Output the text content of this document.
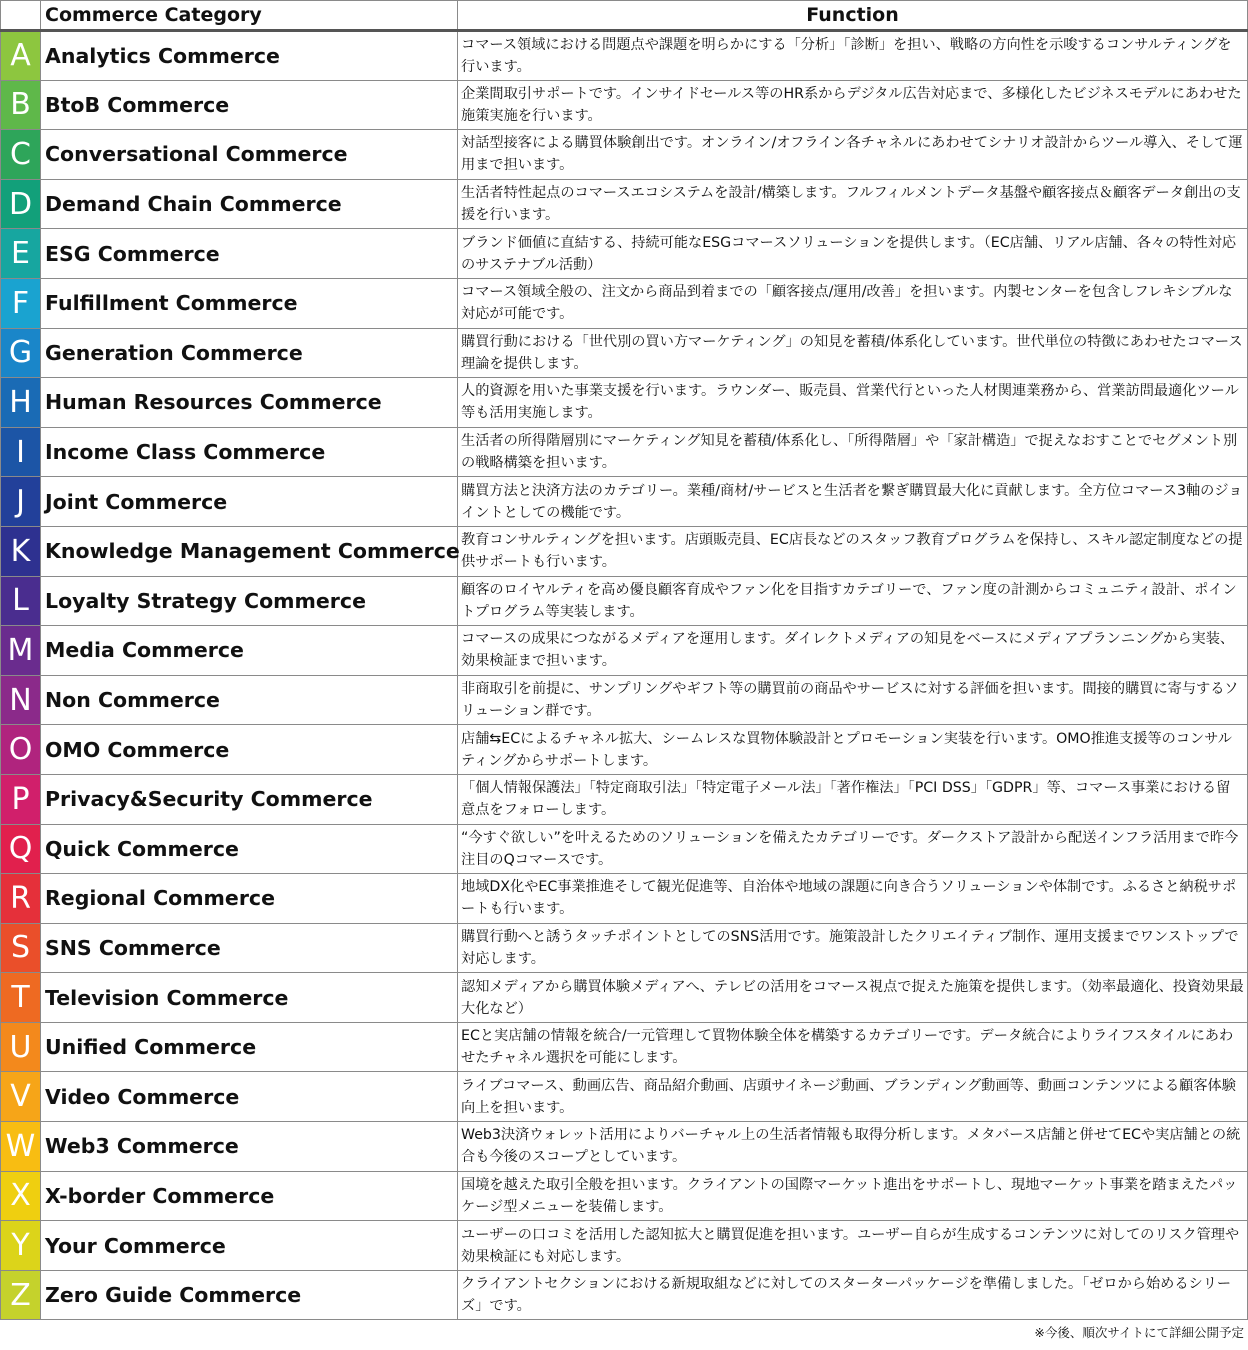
	Commerce Category	Function
A	Analytics Commerce	コマース領域における問題点や課題を明らかにする「分析」「診断」を担い、戦略の方向性を示唆するコンサルティングを行います。
B	BtoB Commerce	企業間取引サポートです。インサイドセールス等のHR系からデジタル広告対応まで、多様化したビジネスモデルにあわせた施策実施を行います。
C	Conversational Commerce	対話型接客による購買体験創出です。オンライン/オフライン各チャネルにあわせてシナリオ設計からツール導入、そして運用まで担います。
D	Demand Chain Commerce	生活者特性起点のコマースエコシステムを設計/構築します。フルフィルメントデータ基盤や顧客接点＆顧客データ創出の支援を行います。
E	ESG Commerce	ブランド価値に直結する、持続可能なESGコマースソリューションを提供します。（EC店舗、リアル店舗、各々の特性対応のサステナブル活動）
F	Fulfillment Commerce	コマース領域全般の、注文から商品到着までの「顧客接点/運用/改善」を担います。内製センターを包含しフレキシブルな対応が可能です。
G	Generation Commerce	購買行動における「世代別の買い方マーケティング」の知見を蓄積/体系化しています。世代単位の特徴にあわせたコマース理論を提供します。
H	Human Resources Commerce	人的資源を用いた事業支援を行います。ラウンダー、販売員、営業代行といった人材関連業務から、営業訪問最適化ツール等も活用実施します。
I	Income Class Commerce	生活者の所得階層別にマーケティング知見を蓄積/体系化し、「所得階層」や「家計構造」で捉えなおすことでセグメント別の戦略構築を担います。
J	Joint Commerce	購買方法と決済方法のカテゴリー。業種/商材/サービスと生活者を繋ぎ購買最大化に貢献します。全方位コマース3軸のジョイントとしての機能です。
K	Knowledge Management Commerce	教育コンサルティングを担います。店頭販売員、EC店長などのスタッフ教育プログラムを保持し、スキル認定制度などの提供サポートも行います。
L	Loyalty Strategy Commerce	顧客のロイヤルティを高め優良顧客育成やファン化を目指すカテゴリーで、ファン度の計測からコミュニティ設計、ポイントプログラム等実装します。
M	Media Commerce	コマースの成果につながるメディアを運用します。ダイレクトメディアの知見をベースにメディアプランニングから実装、効果検証まで担います。
N	Non Commerce	非商取引を前提に、サンプリングやギフト等の購買前の商品やサービスに対する評価を担います。間接的購買に寄与するソリューション群です。
O	OMO Commerce	店舗⇆ECによるチャネル拡大、シームレスな買物体験設計とプロモーション実装を行います。OMO推進支援等のコンサルティングからサポートします。
P	Privacy&Security Commerce	「個人情報保護法」「特定商取引法」「特定電子メール法」「著作権法」「PCI DSS」「GDPR」等、コマース事業における留意点をフォローします。
Q	Quick Commerce	“今すぐ欲しい”を叶えるためのソリューションを備えたカテゴリーです。ダークストア設計から配送インフラ活用まで昨今注目のQコマースです。
R	Regional Commerce	地域DX化やEC事業推進そして観光促進等、自治体や地域の課題に向き合うソリューションや体制です。ふるさと納税サポートも行います。
S	SNS Commerce	購買行動へと誘うタッチポイントとしてのSNS活用です。施策設計したクリエイティブ制作、運用支援までワンストップで対応します。
T	Television Commerce	認知メディアから購買体験メディアへ、テレビの活用をコマース視点で捉えた施策を提供します。（効率最適化、投資効果最大化など）
U	Unified Commerce	ECと実店舗の情報を統合/一元管理して買物体験全体を構築するカテゴリーです。データ統合によりライフスタイルにあわせたチャネル選択を可能にします。
V	Video Commerce	ライブコマース、動画広告、商品紹介動画、店頭サイネージ動画、ブランディング動画等、動画コンテンツによる顧客体験向上を担います。
W	Web3 Commerce	Web3決済ウォレット活用によりバーチャル上の生活者情報も取得分析します。メタバース店舗と併せてECや実店舗との統合も今後のスコープとしています。
X	X-border Commerce	国境を越えた取引全般を担います。クライアントの国際マーケット進出をサポートし、現地マーケット事業を踏まえたパッケージ型メニューを装備します。
Y	Your Commerce	ユーザーの口コミを活用した認知拡大と購買促進を担います。ユーザー自らが生成するコンテンツに対してのリスク管理や効果検証にも対応します。
Z	Zero Guide Commerce	クライアントセクションにおける新規取組などに対してのスターターパッケージを準備しました。「ゼロから始めるシリーズ」です。
※今後、順次サイトにて詳細公開予定
